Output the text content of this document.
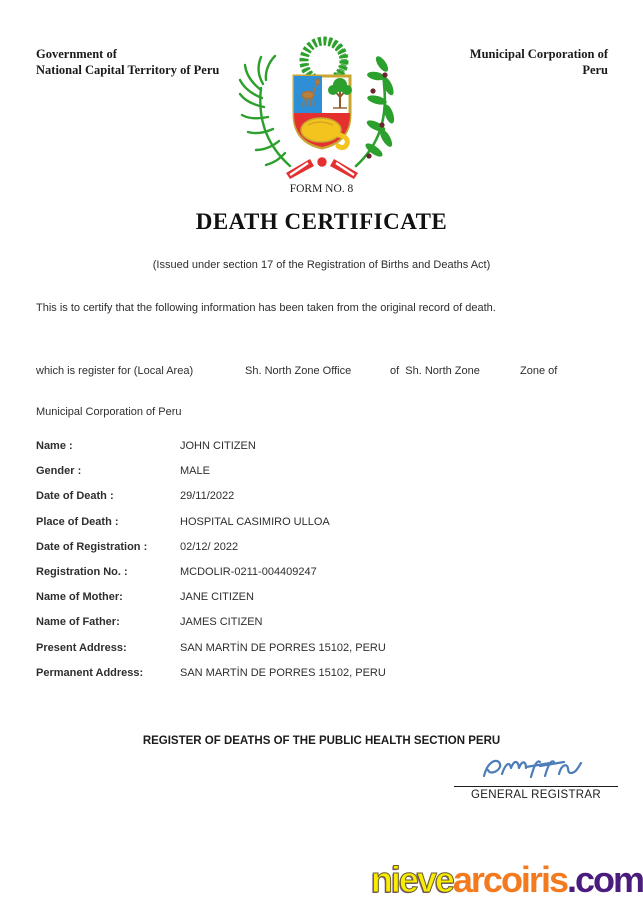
Government of
National Capital Territory of Peru
Municipal Corporation of
Peru
FORM NO. 8
DEATH CERTIFICATE
(Issued under section 17 of the Registration of Births and Deaths Act)
This is to certify that the following information has been taken from the original record of death.
which is register for (Local Area)	Sh. North Zone Office	of  Sh. North Zone	Zone of
Municipal Corporation of Peru
Name :	JOHN CITIZEN
Gender :	MALE
Date of Death :	29/11/2022
Place of Death :	HOSPITAL CASIMIRO ULLOA
Date of Registration :	02/12/ 2022
Registration No. :	MCDOLIR-0211-004409247
Name of Mother:	JANE CITIZEN
Name of Father:	JAMES CITIZEN
Present Address:	SAN MARTİN DE PORRES 15102, PERU
Permanent Address:	SAN MARTİN DE PORRES 15102, PERU
REGISTER OF DEATHS OF THE PUBLIC HEALTH SECTION PERU
GENERAL REGISTRAR
nievearcoiris.com
